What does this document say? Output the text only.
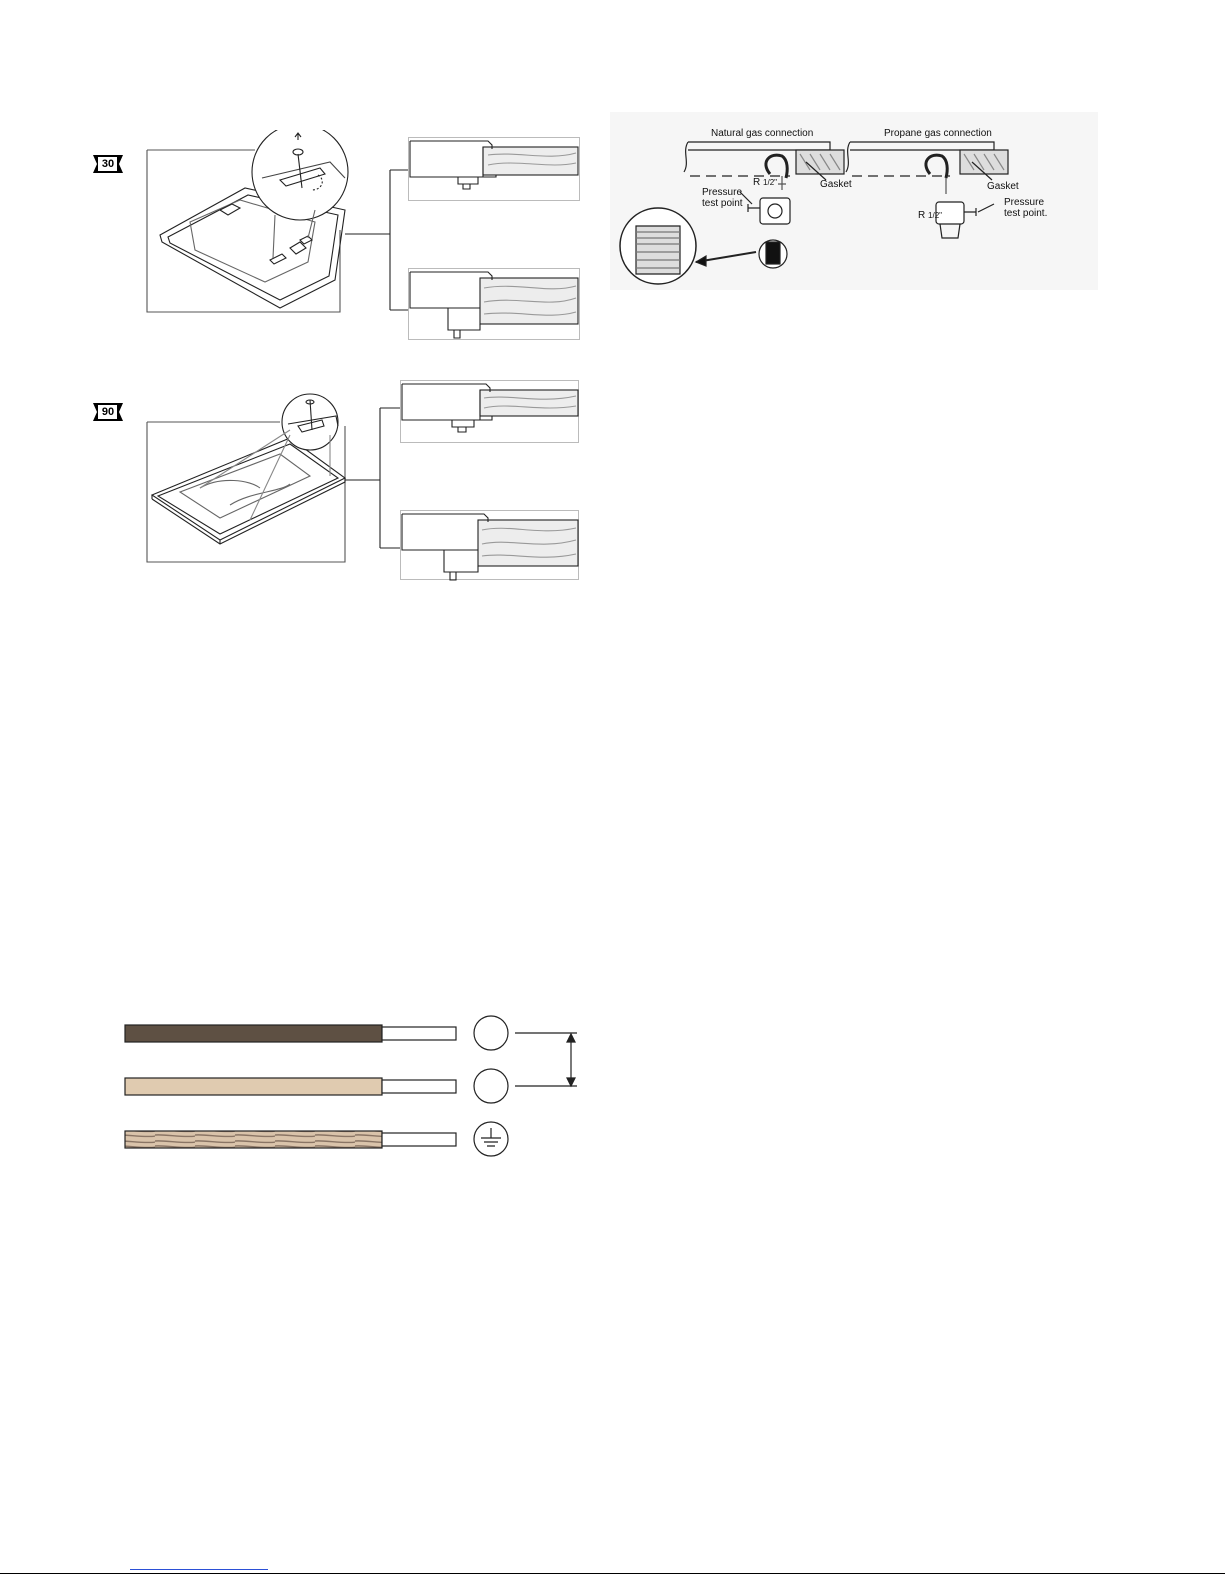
30
90
Natural gas connection	Propane gas connection
Gasket	Gasket
Pressure
test point	Pressure
test point.
R 1/2"
R 1/2"
